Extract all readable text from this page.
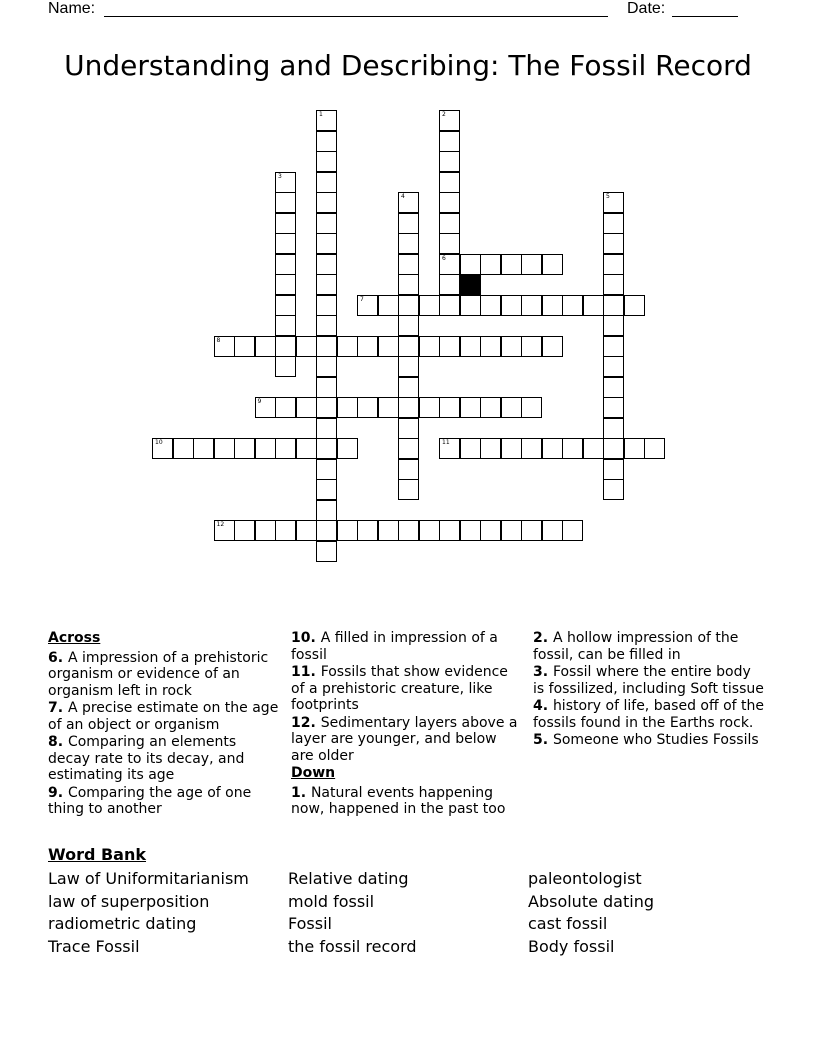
Name:	Date:
Understanding and Describing: The Fossil Record
6
7
8
9
10	11
12
1	2
3
4	5
Across
6. A impression of a prehistoric organism or evidence of an organism left in rock
7. A precise estimate on the age of an object or organism
8. Comparing an elements decay rate to its decay, and estimating its age
9. Comparing the age of one thing to another
10. A filled in impression of a fossil
11. Fossils that show evidence of a prehistoric creature, like footprints
12. Sedimentary layers above a layer are younger, and below are older
Down
1. Natural events happening now, happened in the past too
2. A hollow impression of the fossil, can be filled in
3. Fossil where the entire body is fossilized, including Soft tissue
4. history of life, based off of the fossils found in the Earths rock.
5. Someone who Studies Fossils
Word Bank
Law of Uniformitarianism	Relative dating	paleontologist
law of superposition	mold fossil	Absolute dating
radiometric dating	Fossil	cast fossil
Trace Fossil	the fossil record	Body fossil
